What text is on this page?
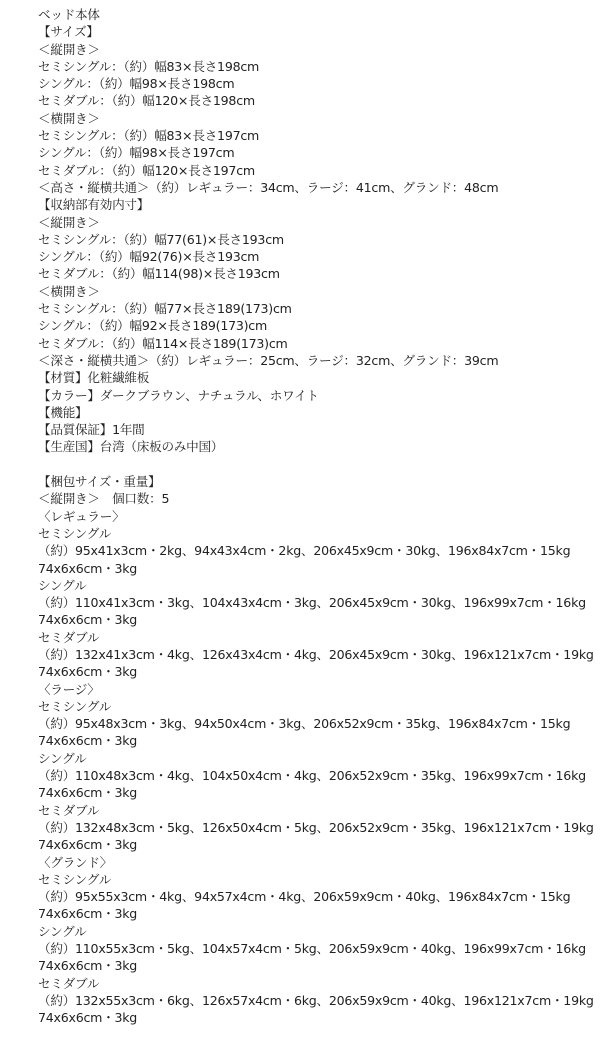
ベッド本体
【サイズ】
＜縦開き＞
セミシングル：（約）幅83×長さ198cm
シングル：（約）幅98×長さ198cm
セミダブル：（約）幅120×長さ198cm
＜横開き＞
セミシングル：（約）幅83×長さ197cm
シングル：（約）幅98×長さ197cm
セミダブル：（約）幅120×長さ197cm
＜高さ・縦横共通＞（約）レギュラー：34cm、ラージ：41cm、グランド：48cm
【収納部有効内寸】
＜縦開き＞
セミシングル：（約）幅77(61)×長さ193cm
シングル：（約）幅92(76)×長さ193cm
セミダブル：（約）幅114(98)×長さ193cm
＜横開き＞
セミシングル：（約）幅77×長さ189(173)cm
シングル：（約）幅92×長さ189(173)cm
セミダブル：（約）幅114×長さ189(173)cm
＜深さ・縦横共通＞（約）レギュラー：25cm、ラージ：32cm、グランド：39cm
【材質】化粧繊維板
【カラー】ダークブラウン、ナチュラル、ホワイト
【機能】
【品質保証】1年間
【生産国】台湾（床板のみ中国）
【梱包サイズ・重量】
＜縦開き＞　個口数：5
〈レギュラー〉
セミシングル
（約）95x41x3cm・2kg、94x43x4cm・2kg、206x45x9cm・30kg、196x84x7cm・15kg
74x6x6cm・3kg
シングル
（約）110x41x3cm・3kg、104x43x4cm・3kg、206x45x9cm・30kg、196x99x7cm・16kg
74x6x6cm・3kg
セミダブル
（約）132x41x3cm・4kg、126x43x4cm・4kg、206x45x9cm・30kg、196x121x7cm・19kg
74x6x6cm・3kg
〈ラージ〉
セミシングル
（約）95x48x3cm・3kg、94x50x4cm・3kg、206x52x9cm・35kg、196x84x7cm・15kg
74x6x6cm・3kg
シングル
（約）110x48x3cm・4kg、104x50x4cm・4kg、206x52x9cm・35kg、196x99x7cm・16kg
74x6x6cm・3kg
セミダブル
（約）132x48x3cm・5kg、126x50x4cm・5kg、206x52x9cm・35kg、196x121x7cm・19kg
74x6x6cm・3kg
〈グランド〉
セミシングル
（約）95x55x3cm・4kg、94x57x4cm・4kg、206x59x9cm・40kg、196x84x7cm・15kg
74x6x6cm・3kg
シングル
（約）110x55x3cm・5kg、104x57x4cm・5kg、206x59x9cm・40kg、196x99x7cm・16kg
74x6x6cm・3kg
セミダブル
（約）132x55x3cm・6kg、126x57x4cm・6kg、206x59x9cm・40kg、196x121x7cm・19kg
74x6x6cm・3kg
